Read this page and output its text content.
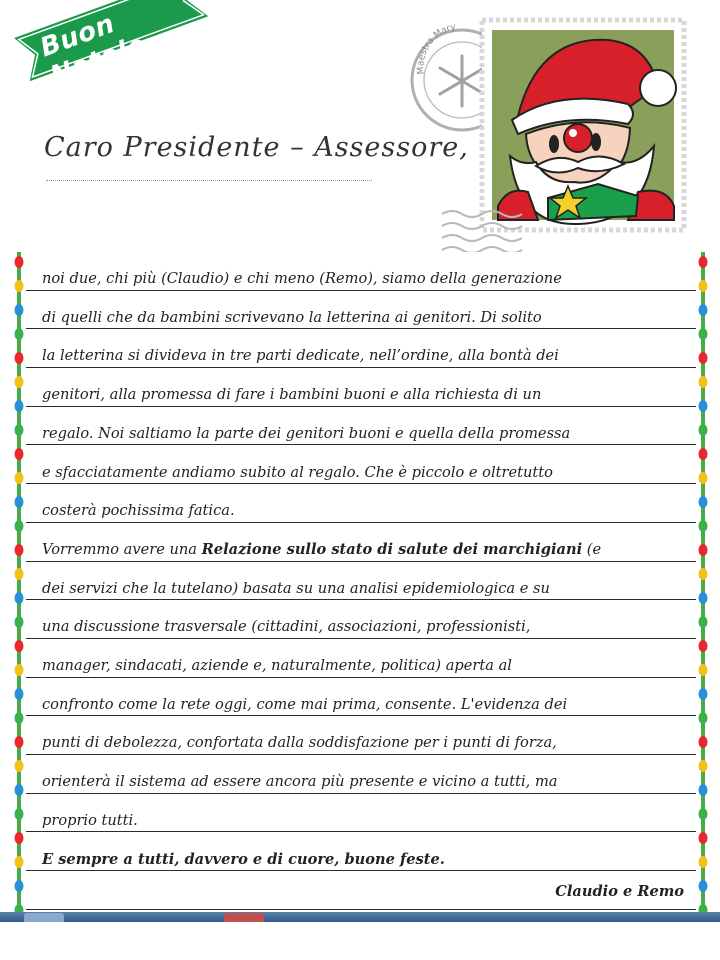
Buon Natale
Caro Presidente – Assessore,
Maestra Mary
noi due, chi più (Claudio) e chi meno (Remo), siamo della generazione
di quelli che da bambini scrivevano la letterina ai genitori. Di solito
la letterina si divideva in tre parti dedicate, nell’ordine, alla bontà dei
genitori, alla promessa di fare i bambini buoni e alla richiesta di un
regalo. Noi saltiamo la parte dei genitori buoni e quella della promessa
e sfacciatamente andiamo subito al regalo. Che è piccolo e oltretutto
costerà pochissima fatica.
Vorremmo avere una Relazione sullo stato di salute dei marchigiani (e
dei servizi che la tutelano) basata su una analisi epidemiologica e su
una discussione trasversale (cittadini, associazioni, professionisti,
manager, sindacati, aziende e, naturalmente, politica) aperta al
confronto come la rete oggi, come mai prima, consente. L'evidenza dei
punti di debolezza, confortata dalla soddisfazione per i punti di forza,
orienterà il sistema ad essere ancora più presente e vicino a tutti, ma
proprio tutti.
E sempre a tutti, davvero e di cuore, buone feste.
Claudio e Remo
